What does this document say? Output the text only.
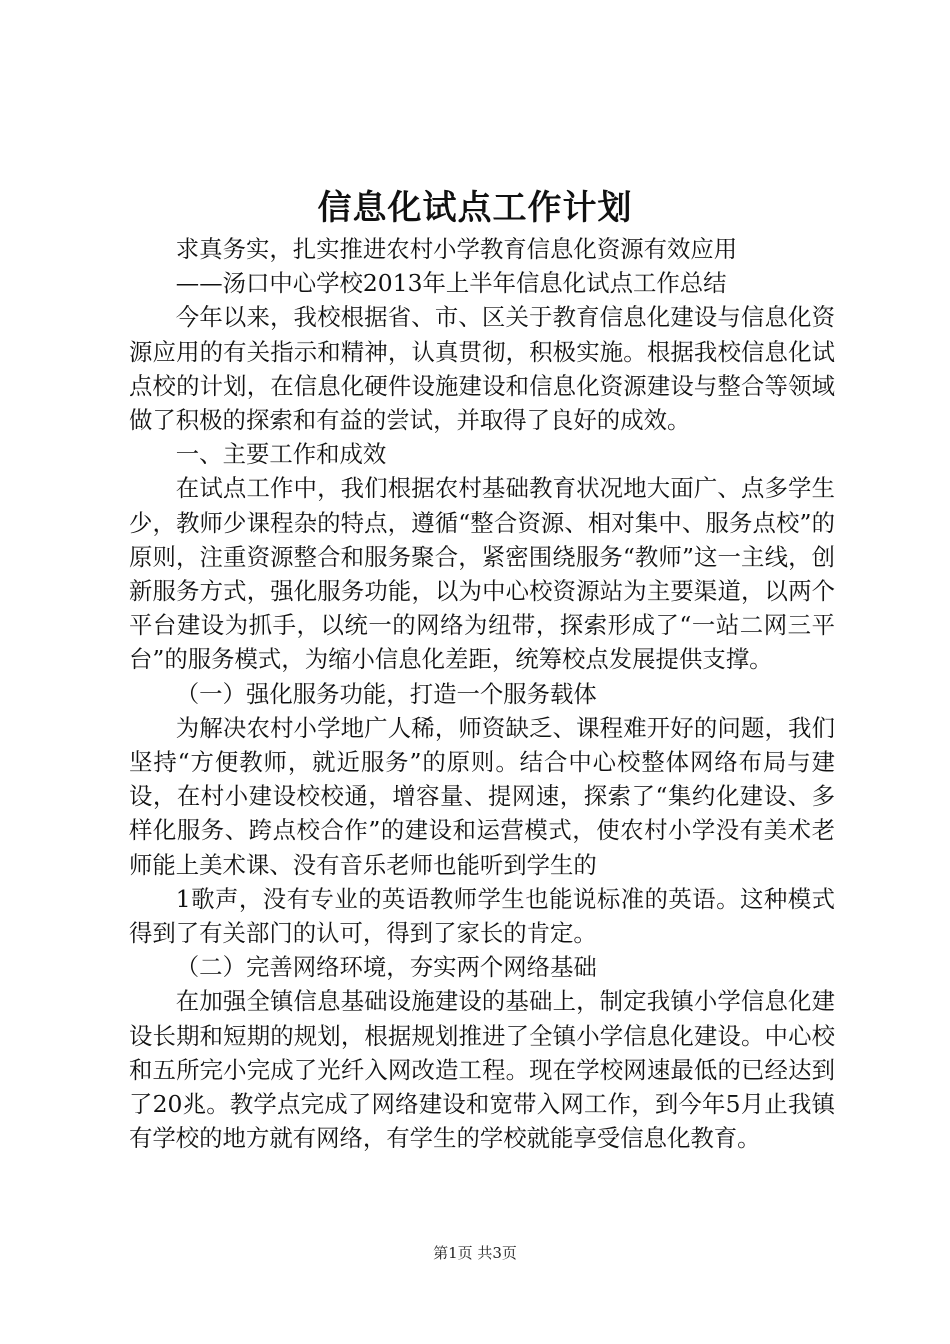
信息化试点工作计划

求真务实，扎实推进农村小学教育信息化资源有效应用

——汤口中心学校2013年上半年信息化试点工作总结

今年以来，我校根据省、市、区关于教育信息化建设与信息化资源应用的有关指示和精神，认真贯彻，积极实施。根据我校信息化试点校的计划，在信息化硬件设施建设和信息化资源建设与整合等领域做了积极的探索和有益的尝试，并取得了良好的成效。

一、主要工作和成效

在试点工作中，我们根据农村基础教育状况地大面广、点多学生少，教师少课程杂的特点，遵循“整合资源、相对集中、服务点校”的原则，注重资源整合和服务聚合，紧密围绕服务“教师”这一主线，创新服务方式，强化服务功能，以为中心校资源站为主要渠道，以两个平台建设为抓手，以统一的网络为纽带，探索形成了“一站二网三平台”的服务模式，为缩小信息化差距，统筹校点发展提供支撑。

（一）强化服务功能，打造一个服务载体

为解决农村小学地广人稀，师资缺乏、课程难开好的问题，我们坚持“方便教师，就近服务”的原则。结合中心校整体网络布局与建设，在村小建设校校通，增容量、提网速，探索了“集约化建设、多样化服务、跨点校合作”的建设和运营模式，使农村小学没有美术老师能上美术课、没有音乐老师也能听到学生的

1歌声，没有专业的英语教师学生也能说标准的英语。这种模式得到了有关部门的认可，得到了家长的肯定。

（二）完善网络环境，夯实两个网络基础

在加强全镇信息基础设施建设的基础上，制定我镇小学信息化建设长期和短期的规划，根据规划推进了全镇小学信息化建设。中心校和五所完小完成了光纤入网改造工程。现在学校网速最低的已经达到了20兆。教学点完成了网络建设和宽带入网工作，到今年5月止我镇有学校的地方就有网络，有学生的学校就能享受信息化教育。

第1页 共3页
